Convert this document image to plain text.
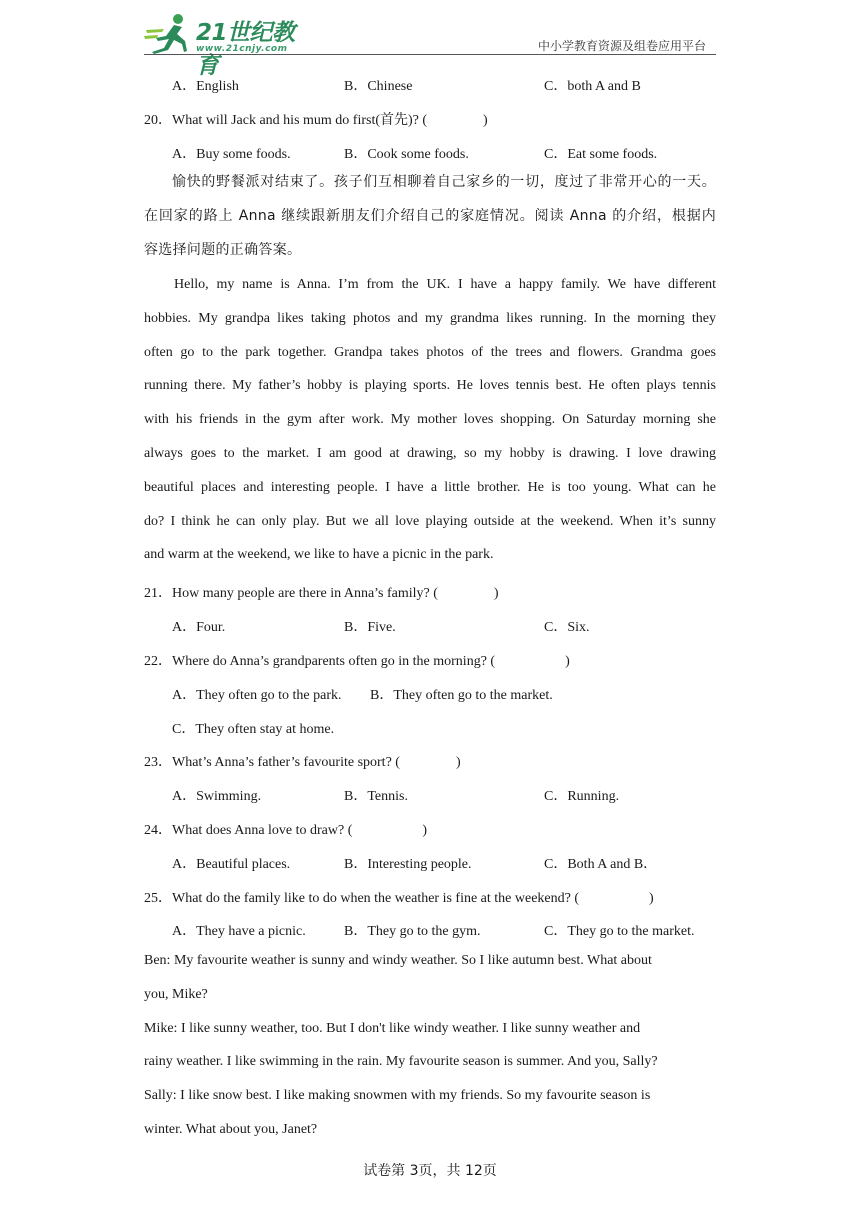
21世纪教育
www.21cnjy.com	中小学教育资源及组卷应用平台
A．English	B．Chinese	C．both A and B
20．What will Jack and his mum do first(首先)? (　　　　)
A．Buy some foods.	B．Cook some foods.	C．Eat some foods.
愉快的野餐派对结束了。孩子们互相聊着自己家乡的一切，度过了非常开心的一天。
在回家的路上 Anna 继续跟新朋友们介绍自己的家庭情况。阅读 Anna 的介绍，根据内
容选择问题的正确答案。
Hello, my name is Anna. I’m from the UK. I have a happy family. We have different
hobbies. My grandpa likes taking photos and my grandma likes running. In the morning they
often go to the park together. Grandpa takes photos of the trees and flowers. Grandma goes
running there. My father’s hobby is playing sports. He loves tennis best. He often plays tennis
with his friends in the gym after work. My mother loves shopping. On Saturday morning she
always goes to the market. I am good at drawing, so my hobby is drawing. I love drawing
beautiful places and interesting people. I have a little brother. He is too young. What can he
do? I think he can only play. But we all love playing outside at the weekend. When it’s sunny
and warm at the weekend, we like to have a picnic in the park.
21．How many people are there in Anna’s family? (　　　　)
A．Four.	B．Five.	C．Six.
22．Where do Anna’s grandparents often go in the morning? (　　　　　)
A．They often go to the park. B．They often go to the market.
C．They often stay at home.
23．What’s Anna’s father’s favourite sport? (　　　　)
A．Swimming.	B．Tennis.	C．Running.
24．What does Anna love to draw? (　　　　　)
A．Beautiful places.	B．Interesting people.	C．Both A and B．
25．What do the family like to do when the weather is fine at the weekend? (　　　　　)
A．They have a picnic.	B．They go to the gym.	C．They go to the market.
Ben: My favourite weather is sunny and windy weather. So I like autumn best. What about
you, Mike?
Mike: I like sunny weather, too. But I don't like windy weather. I like sunny weather and
rainy weather. I like swimming in the rain. My favourite season is summer. And you, Sally?
Sally: I like snow best. I like making snowmen with my friends. So my favourite season is
winter. What about you, Janet?
试卷第 3页，共 12页
